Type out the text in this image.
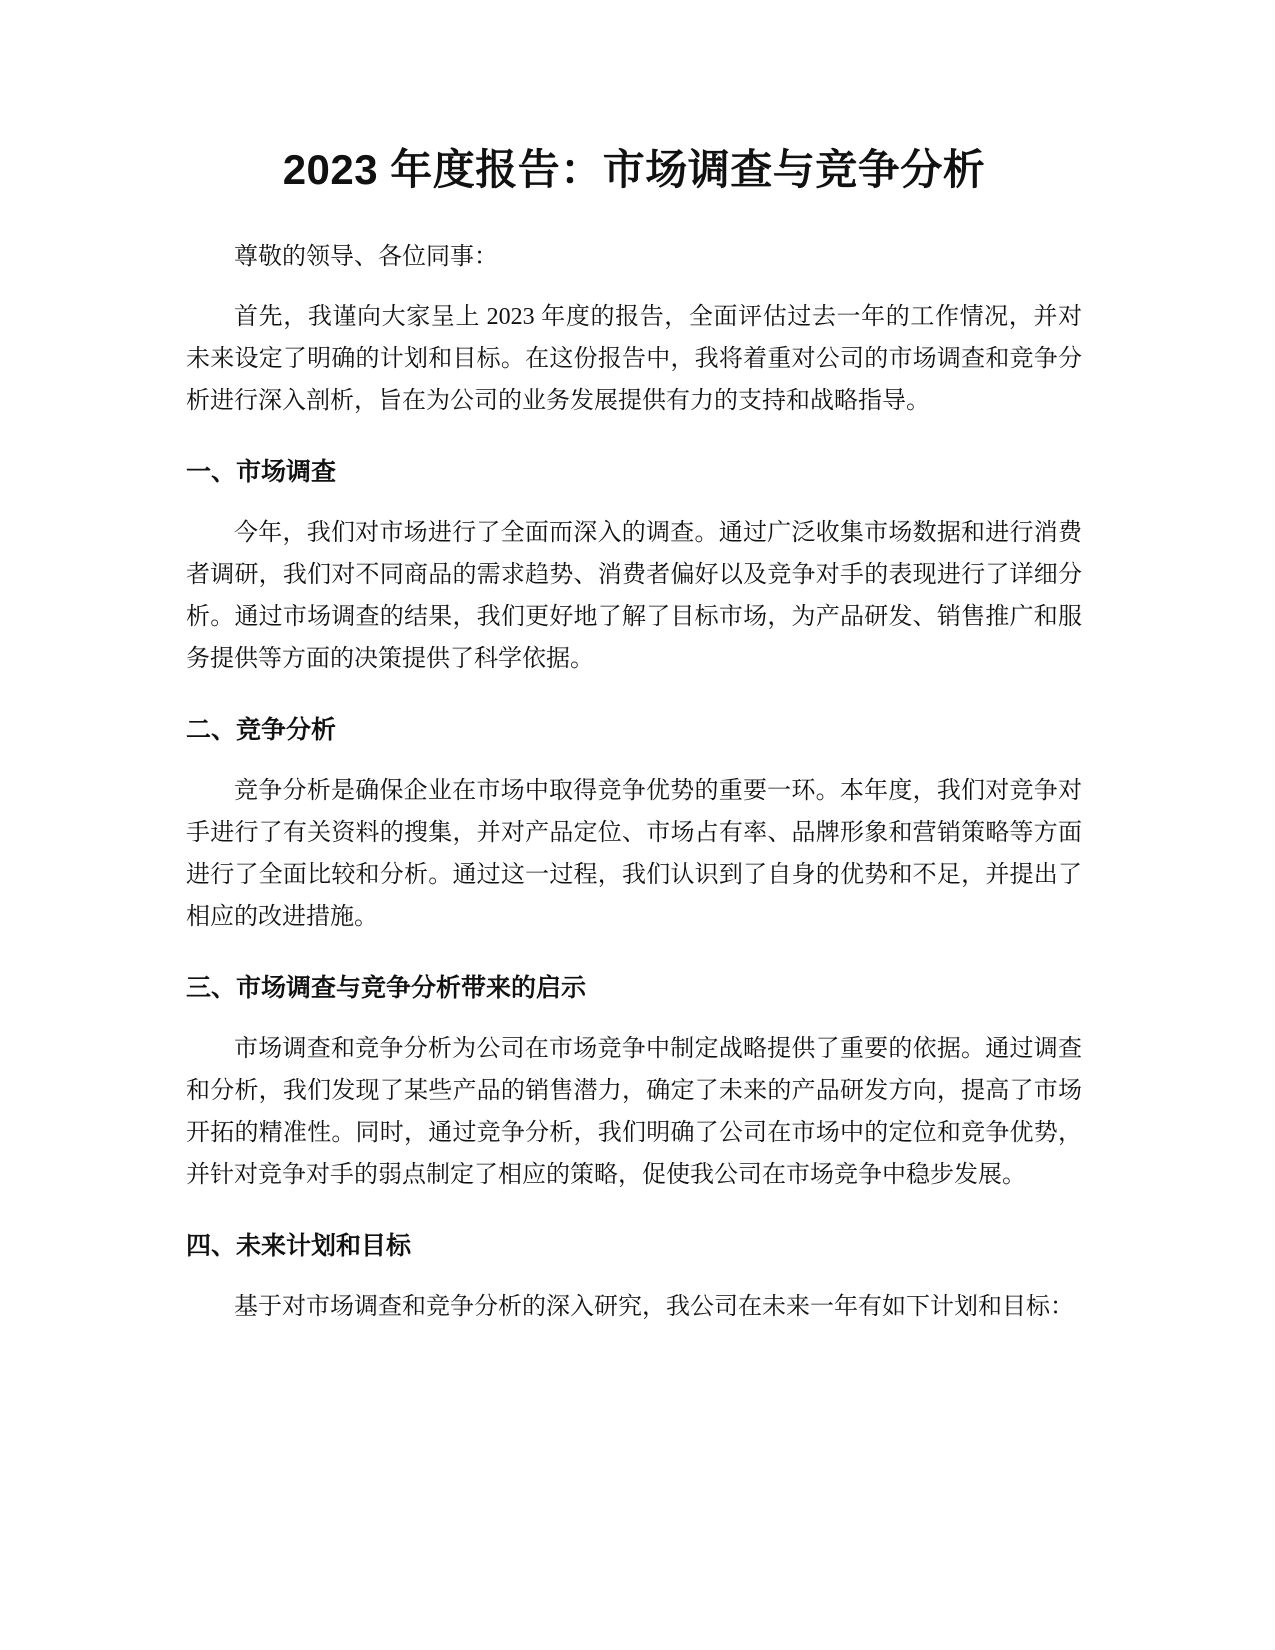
2023 年度报告：市场调查与竞争分析

尊敬的领导、各位同事：

首先，我谨向大家呈上 2023 年度的报告，全面评估过去一年的工作情况，并对未来设定了明确的计划和目标。在这份报告中，我将着重对公司的市场调查和竞争分析进行深入剖析，旨在为公司的业务发展提供有力的支持和战略指导。

一、市场调查

今年，我们对市场进行了全面而深入的调查。通过广泛收集市场数据和进行消费者调研，我们对不同商品的需求趋势、消费者偏好以及竞争对手的表现进行了详细分析。通过市场调查的结果，我们更好地了解了目标市场，为产品研发、销售推广和服务提供等方面的决策提供了科学依据。

二、竞争分析

竞争分析是确保企业在市场中取得竞争优势的重要一环。本年度，我们对竞争对手进行了有关资料的搜集，并对产品定位、市场占有率、品牌形象和营销策略等方面进行了全面比较和分析。通过这一过程，我们认识到了自身的优势和不足，并提出了相应的改进措施。

三、市场调查与竞争分析带来的启示

市场调查和竞争分析为公司在市场竞争中制定战略提供了重要的依据。通过调查和分析，我们发现了某些产品的销售潜力，确定了未来的产品研发方向，提高了市场开拓的精准性。同时，通过竞争分析，我们明确了公司在市场中的定位和竞争优势，并针对竞争对手的弱点制定了相应的策略，促使我公司在市场竞争中稳步发展。

四、未来计划和目标

基于对市场调查和竞争分析的深入研究，我公司在未来一年有如下计划和目标：
